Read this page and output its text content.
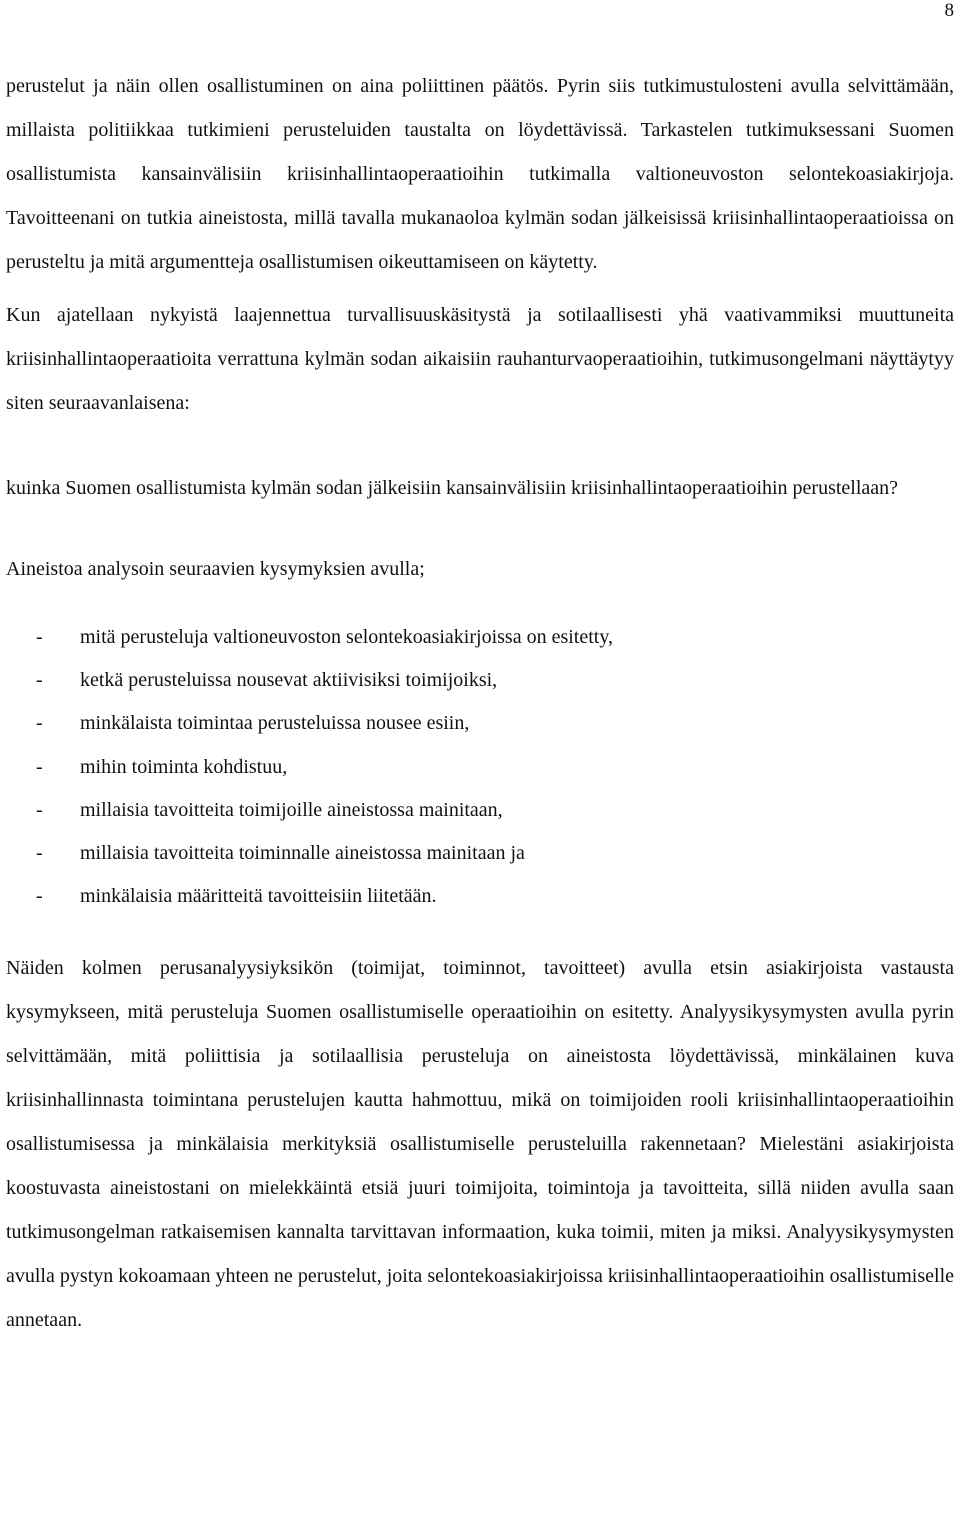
8

perustelut ja näin ollen osallistuminen on aina poliittinen päätös. Pyrin siis tutkimustulosteni avulla selvittämään, millaista politiikkaa tutkimieni perusteluiden taustalta on löydettävissä. Tarkastelen tutkimuksessani Suomen osallistumista kansainvälisiin kriisinhallintaoperaatioihin tutkimalla valtioneuvoston selontekoasiakirjoja. Tavoitteenani on tutkia aineistosta, millä tavalla mukanaoloa kylmän sodan jälkeisissä kriisinhallintaoperaatioissa on perusteltu ja mitä argumentteja osallistumisen oikeuttamiseen on käytetty.

Kun ajatellaan nykyistä laajennettua turvallisuuskäsitystä ja sotilaallisesti yhä vaativammiksi muuttuneita kriisinhallintaoperaatioita verrattuna kylmän sodan aikaisiin rauhanturvaoperaatioihin, tutkimusongelmani näyttäytyy siten seuraavanlaisena:

kuinka Suomen osallistumista kylmän sodan jälkeisiin kansainvälisiin kriisinhallintaoperaatioihin perustellaan?

Aineistoa analysoin seuraavien kysymyksien avulla;

- mitä perusteluja valtioneuvoston selontekoasiakirjoissa on esitetty,
- ketkä perusteluissa nousevat aktiivisiksi toimijoiksi,
- minkälaista toimintaa perusteluissa nousee esiin,
- mihin toiminta kohdistuu,
- millaisia tavoitteita toimijoille aineistossa mainitaan,
- millaisia tavoitteita toiminnalle aineistossa mainitaan ja
- minkälaisia määritteitä tavoitteisiin liitetään.

Näiden kolmen perusanalyysiyksikön (toimijat, toiminnot, tavoitteet) avulla etsin asiakirjoista vastausta kysymykseen, mitä perusteluja Suomen osallistumiselle operaatioihin on esitetty. Analyysikysymysten avulla pyrin selvittämään, mitä poliittisia ja sotilaallisia perusteluja on aineistosta löydettävissä, minkälainen kuva kriisinhallinnasta toimintana perustelujen kautta hahmottuu, mikä on toimijoiden rooli kriisinhallintaoperaatioihin osallistumisessa ja minkälaisia merkityksiä osallistumiselle perusteluilla rakennetaan? Mielestäni asiakirjoista koostuvasta aineistostani on mielekkäintä etsiä juuri toimijoita, toimintoja ja tavoitteita, sillä niiden avulla saan tutkimusongelman ratkaisemisen kannalta tarvittavan informaation, kuka toimii, miten ja miksi. Analyysikysymysten avulla pystyn kokoamaan yhteen ne perustelut, joita selontekoasiakirjoissa kriisinhallintaoperaatioihin osallistumiselle annetaan.
